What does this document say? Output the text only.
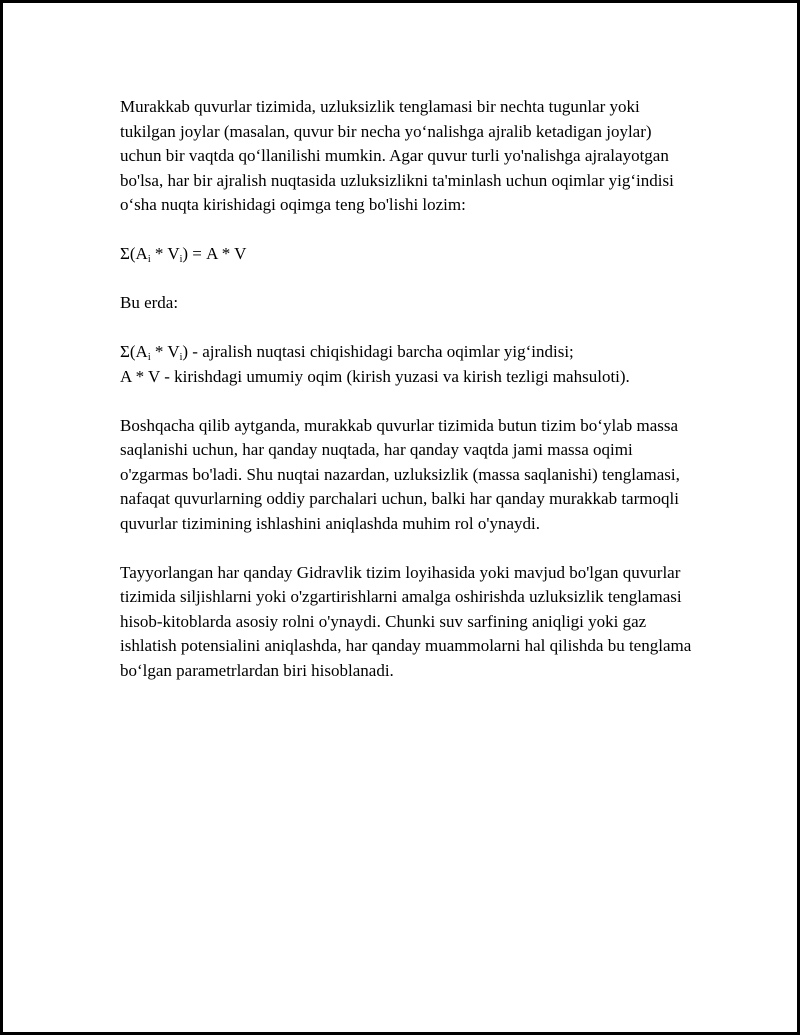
Murakkab quvurlar tizimida, uzluksizlik tenglamasi bir nechta tugunlar yoki tukilgan joylar (masalan, quvur bir necha yo‘nalishga ajralib ketadigan joylar) uchun bir vaqtda qo‘llanilishi mumkin. Agar quvur turli yo'nalishga ajralayotgan bo'lsa, har bir ajralish nuqtasida uzluksizlikni ta'minlash uchun oqimlar yig‘indisi o‘sha nuqta kirishidagi oqimga teng bo'lishi lozim:

$\Sigma(A_i * V_i) = A * V$

Bu erda:

$\Sigma(A_i * V_i)$ - ajralish nuqtasi chiqishidagi barcha oqimlar yig‘indisi;

A * V - kirishdagi umumiy oqim (kirish yuzasi va kirish tezligi mahsuloti).

Boshqacha qilib aytganda, murakkab quvurlar tizimida butun tizim bo‘ylab massa saqlanishi uchun, har qanday nuqtada, har qanday vaqtda jami massa oqimi o'zgarmas bo'ladi. Shu nuqtai nazardan, uzluksizlik (massa saqlanishi) tenglamasi, nafaqat quvurlarning oddiy parchalari uchun, balki har qanday murakkab tarmoqli quvurlar tizimining ishlashini aniqlashda muhim rol o'ynaydi.

Tayyorlangan har qanday Gidravlik tizim loyihasida yoki mavjud bo'lgan quvurlar tizimida siljishlarni yoki o'zgartirishlarni amalga oshirishda uzluksizlik tenglamasi hisob-kitoblarda asosiy rolni o'ynaydi. Chunki suv sarfining aniqligi yoki gaz ishlatish potensialini aniqlashda, har qanday muammolarni hal qilishda bu tenglama bo‘lgan parametrlardan biri hisoblanadi.
